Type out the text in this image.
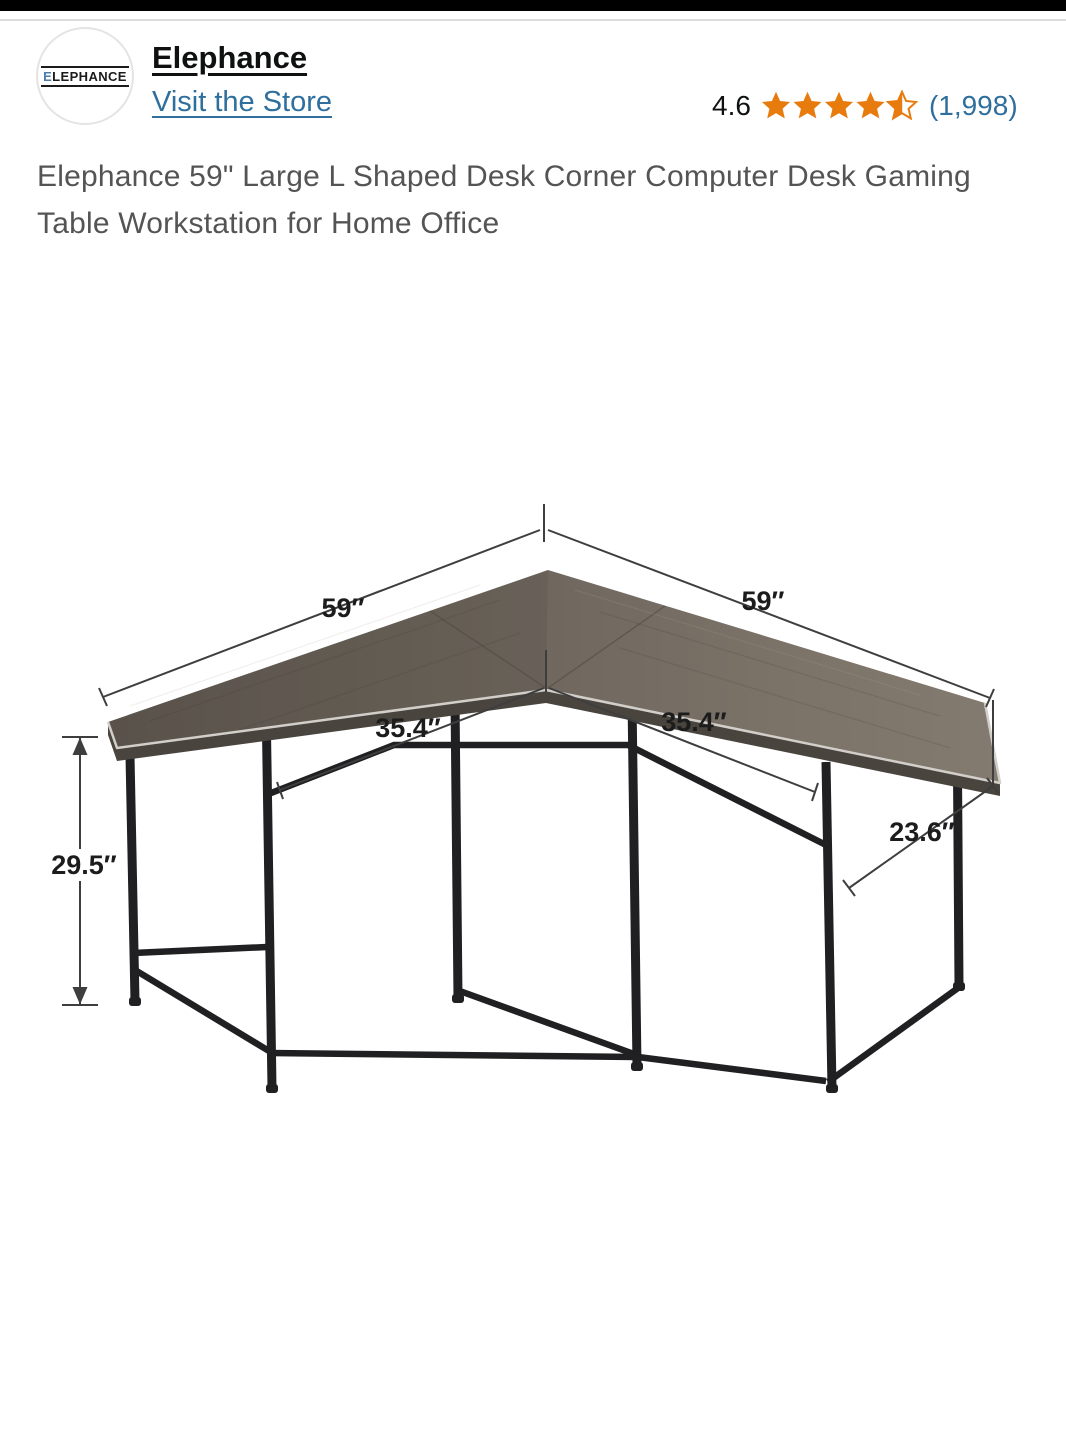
ELEPHANCE
Elephance
Visit the Store	4.6	(1,998)
Elephance 59" Large L Shaped Desk Corner Computer Desk Gaming Table Workstation for Home Office
59″	59″
35.4″	35.4″
23.6″
29.5″
